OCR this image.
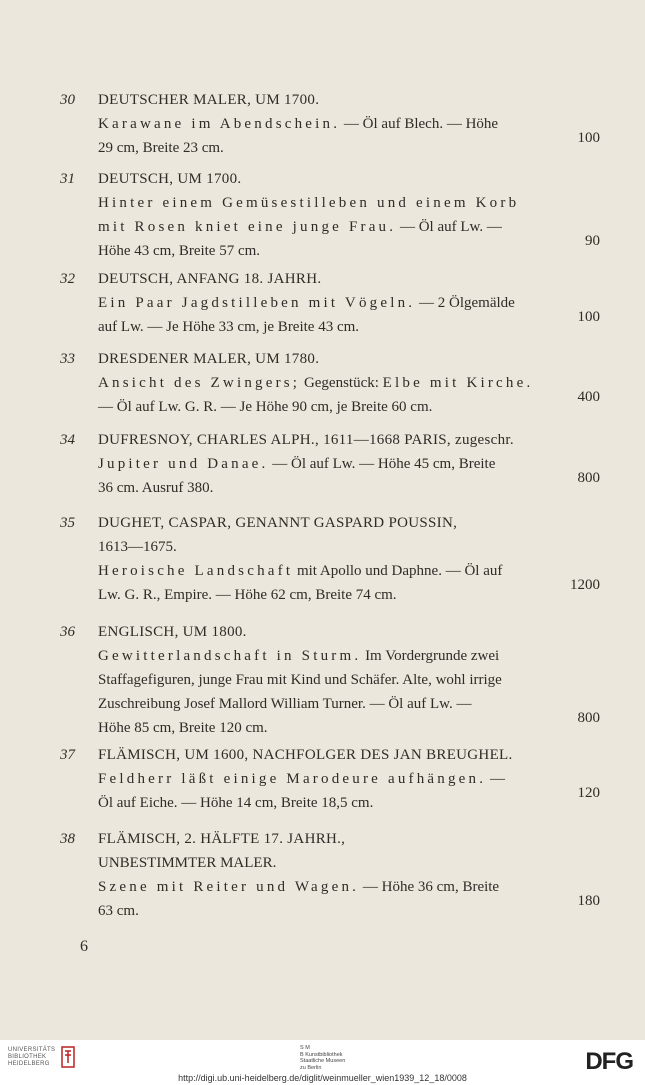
30	DEUTSCHER MALER, UM 1700.
Karawane im Abendschein. — Öl auf Blech. — Höhe
29 cm, Breite 23 cm.
100
31	DEUTSCH, UM 1700.
Hinter einem Gemüsestilleben und einem Korb
mit Rosen kniet eine junge Frau. — Öl auf Lw. —
Höhe 43 cm, Breite 57 cm.
90
32	DEUTSCH, ANFANG 18. JAHRH.
Ein Paar Jagdstilleben mit Vögeln. — 2 Ölgemälde
auf Lw. — Je Höhe 33 cm, je Breite 43 cm.
100
33	DRESDENER MALER, UM 1780.
Ansicht des Zwingers; Gegenstück: Elbe mit Kirche.
— Öl auf Lw. G. R. — Je Höhe 90 cm, je Breite 60 cm.
400
34	DUFRESNOY, CHARLES ALPH., 1611—1668 PARIS, zugeschr.
Jupiter und Danae. — Öl auf Lw. — Höhe 45 cm, Breite
36 cm. Ausruf 380.
800
35	DUGHET, CASPAR, GENANNT GASPARD POUSSIN,
1613—1675.
Heroische Landschaft mit Apollo und Daphne. — Öl auf
Lw. G. R., Empire. — Höhe 62 cm, Breite 74 cm.
1200
36	ENGLISCH, UM 1800.
Gewitterlandschaft in Sturm. Im Vordergrunde zwei
Staffagefiguren, junge Frau mit Kind und Schäfer. Alte, wohl irrige
Zuschreibung Josef Mallord William Turner. — Öl auf Lw. —
Höhe 85 cm, Breite 120 cm.
800
37	FLÄMISCH, UM 1600, NACHFOLGER DES JAN BREUGHEL.
Feldherr läßt einige Marodeure aufhängen. —
Öl auf Eiche. — Höhe 14 cm, Breite 18,5 cm.
120
38	FLÄMISCH, 2. HÄLFTE 17. JAHRH.,
UNBESTIMMTER MALER.
Szene mit Reiter und Wagen. — Höhe 36 cm, Breite
63 cm.
180
6
UNIVERSITÄTS
BIBLIOTHEK
HEIDELBERG
S M
B Kunstbibliothek
Staatliche Museen
zu Berlin	DFG
http://digi.ub.uni-heidelberg.de/diglit/weinmueller_wien1939_12_18/0008
